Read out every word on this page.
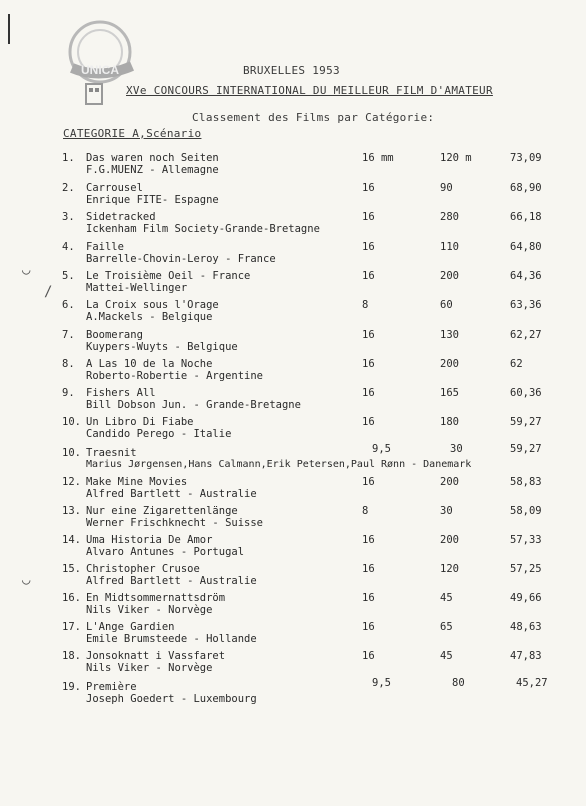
◡
/
◡
UNICA	BRUXELLES 1953
XVe CONCOURS INTERNATIONAL DU MEILLEUR FILM D'AMATEUR
Classement des Films par Catégorie:
CATEGORIE A,Scénario
1. Das waren noch Seiten
F.G.MUENZ - Allemagne
16 mm	120 m	73,09
2. Carrousel
Enrique FITE- Espagne
16	90	68,90
3. Sidetracked
Ickenham Film Society-Grande-Bretagne
16	280	66,18
4. Faille
Barrelle-Chovin-Leroy - France
16	110	64,80
5. Le Troisième Oeil - France
Mattei-Wellinger
16	200	64,36
6. La Croix sous l'Orage
A.Mackels - Belgique
8	60	63,36
7. Boomerang
Kuypers-Wuyts - Belgique
16	130	62,27
8. A Las 10 de la Noche
Roberto-Robertie - Argentine
16	200	62
9. Fishers All
Bill Dobson Jun. - Grande-Bretagne
16	165	60,36
10. Un Libro Di Fiabe
Candido Perego - Italie
16	180	59,27
10. Traesnit
Marius Jørgensen,Hans Calmann,Erik Petersen,Paul Rønn - Danemark
9,5	30	59,27
12. Make Mine Movies
Alfred Bartlett - Australie
16	200	58,83
13. Nur eine Zigarettenlänge
Werner Frischknecht - Suisse
8	30	58,09
14. Uma Historia De Amor
Alvaro Antunes - Portugal
16	200	57,33
15. Christopher Crusoe
Alfred Bartlett - Australie
16	120	57,25
16. En Midtsommernattsdröm
Nils Viker - Norvège
16	45	49,66
17. L'Ange Gardien
Emile Brumsteede - Hollande
16	65	48,63
18. Jonsoknatt i Vassfaret
Nils Viker - Norvège
16	45	47,83
19. Première
Joseph Goedert - Luxembourg
9,5	80	45,27
